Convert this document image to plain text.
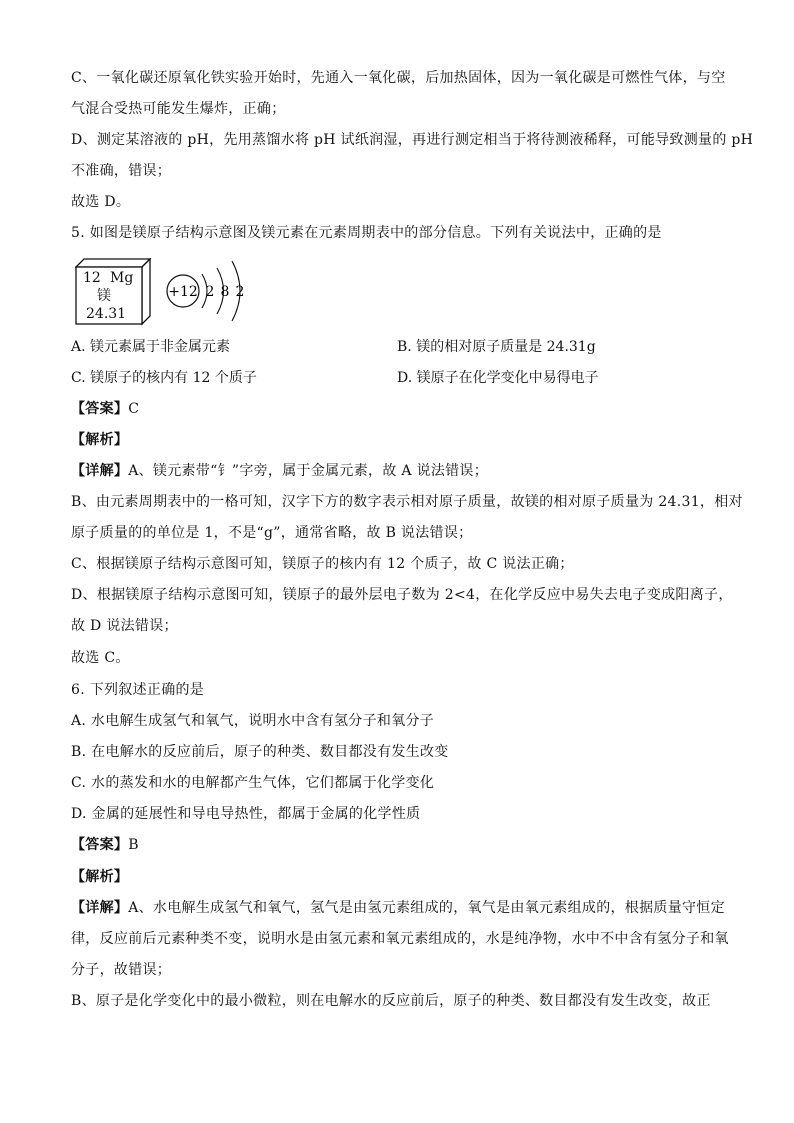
C、一氧化碳还原氧化铁实验开始时，先通入一氧化碳，后加热固体，因为一氧化碳是可燃性气体，与空
气混合受热可能发生爆炸，正确；
D、测定某溶液的 pH，先用蒸馏水将 pH 试纸润湿，再进行测定相当于将待测液稀释，可能导致测量的 pH
不准确，错误；
故选 D。
5. 如图是镁原子结构示意图及镁元素在元素周期表中的部分信息。下列有关说法中，正确的是
12 Mg
镁
24.31
+12 2 8 2
A. 镁元素属于非金属元素	B. 镁的相对原子质量是 24.31g
C. 镁原子的核内有 12 个质子	D. 镁原子在化学变化中易得电子
【答案】C
【解析】
【详解】A、镁元素带“钅”字旁，属于金属元素，故 A 说法错误；
B、由元素周期表中的一格可知，汉字下方的数字表示相对原子质量，故镁的相对原子质量为 24.31，相对
原子质量的的单位是 1，不是“g”，通常省略，故 B 说法错误；
C、根据镁原子结构示意图可知，镁原子的核内有 12 个质子，故 C 说法正确；
D、根据镁原子结构示意图可知，镁原子的最外层电子数为 2<4，在化学反应中易失去电子变成阳离子，
故 D 说法错误；
故选 C。
6. 下列叙述正确的是
A. 水电解生成氢气和氧气，说明水中含有氢分子和氧分子
B. 在电解水的反应前后，原子的种类、数目都没有发生改变
C. 水的蒸发和水的电解都产生气体，它们都属于化学变化
D. 金属的延展性和导电导热性，都属于金属的化学性质
【答案】B
【解析】
【详解】A、水电解生成氢气和氧气，氢气是由氢元素组成的，氧气是由氧元素组成的，根据质量守恒定
律，反应前后元素种类不变，说明水是由氢元素和氧元素组成的，水是纯净物，水中不中含有氢分子和氧
分子，故错误；
B、原子是化学变化中的最小微粒，则在电解水的反应前后，原子的种类、数目都没有发生改变，故正
